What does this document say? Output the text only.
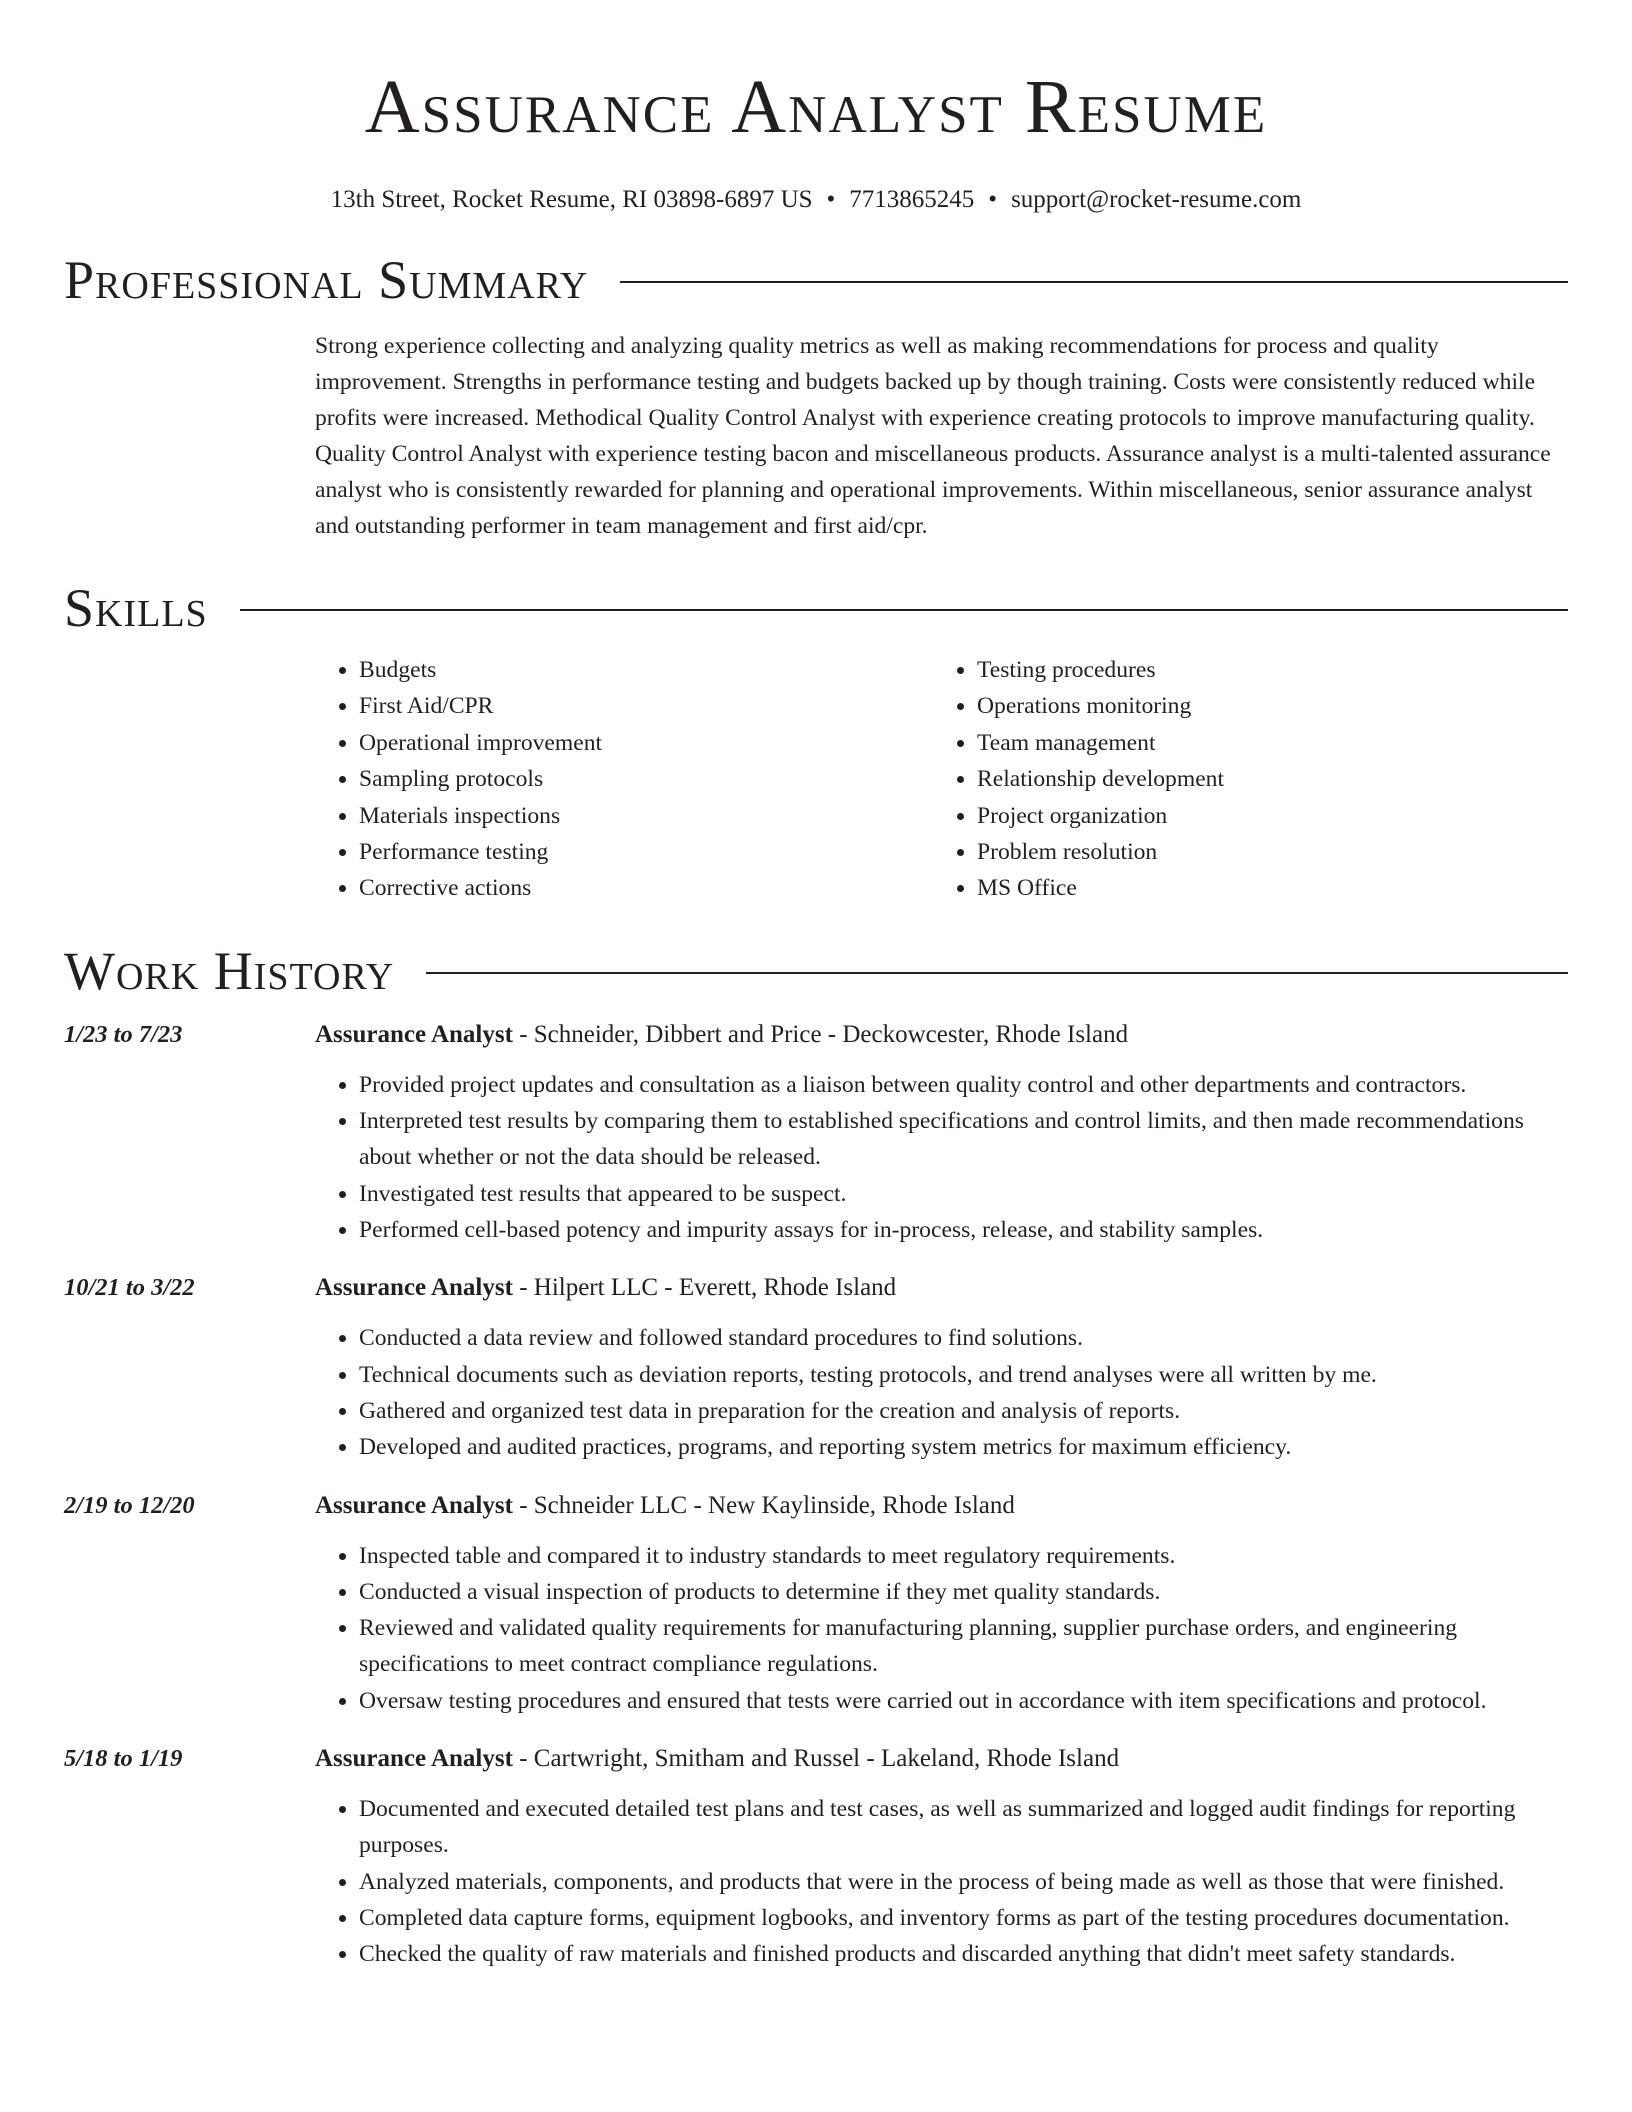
Assurance Analyst Resume
13th Street, Rocket Resume, RI 03898-6897 US • 7713865245 • support@rocket-resume.com
Professional Summary
Strong experience collecting and analyzing quality metrics as well as making recommendations for process and quality improvement. Strengths in performance testing and budgets backed up by though training. Costs were consistently reduced while profits were increased. Methodical Quality Control Analyst with experience creating protocols to improve manufacturing quality. Quality Control Analyst with experience testing bacon and miscellaneous products. Assurance analyst is a multi-talented assurance analyst who is consistently rewarded for planning and operational improvements. Within miscellaneous, senior assurance analyst and outstanding performer in team management and first aid/cpr.
Skills
• Budgets
• First Aid/CPR
• Operational improvement
• Sampling protocols
• Materials inspections
• Performance testing
• Corrective actions
• Testing procedures
• Operations monitoring
• Team management
• Relationship development
• Project organization
• Problem resolution
• MS Office
Work History
1/23 to 7/23	Assurance Analyst - Schneider, Dibbert and Price - Deckowcester, Rhode Island
• Provided project updates and consultation as a liaison between quality control and other departments and contractors.
• Interpreted test results by comparing them to established specifications and control limits, and then made recommendations about whether or not the data should be released.
• Investigated test results that appeared to be suspect.
• Performed cell-based potency and impurity assays for in-process, release, and stability samples.
10/21 to 3/22	Assurance Analyst - Hilpert LLC - Everett, Rhode Island
• Conducted a data review and followed standard procedures to find solutions.
• Technical documents such as deviation reports, testing protocols, and trend analyses were all written by me.
• Gathered and organized test data in preparation for the creation and analysis of reports.
• Developed and audited practices, programs, and reporting system metrics for maximum efficiency.
2/19 to 12/20	Assurance Analyst - Schneider LLC - New Kaylinside, Rhode Island
• Inspected table and compared it to industry standards to meet regulatory requirements.
• Conducted a visual inspection of products to determine if they met quality standards.
• Reviewed and validated quality requirements for manufacturing planning, supplier purchase orders, and engineering specifications to meet contract compliance regulations.
• Oversaw testing procedures and ensured that tests were carried out in accordance with item specifications and protocol.
5/18 to 1/19	Assurance Analyst - Cartwright, Smitham and Russel - Lakeland, Rhode Island
• Documented and executed detailed test plans and test cases, as well as summarized and logged audit findings for reporting purposes.
• Analyzed materials, components, and products that were in the process of being made as well as those that were finished.
• Completed data capture forms, equipment logbooks, and inventory forms as part of the testing procedures documentation.
• Checked the quality of raw materials and finished products and discarded anything that didn't meet safety standards.
